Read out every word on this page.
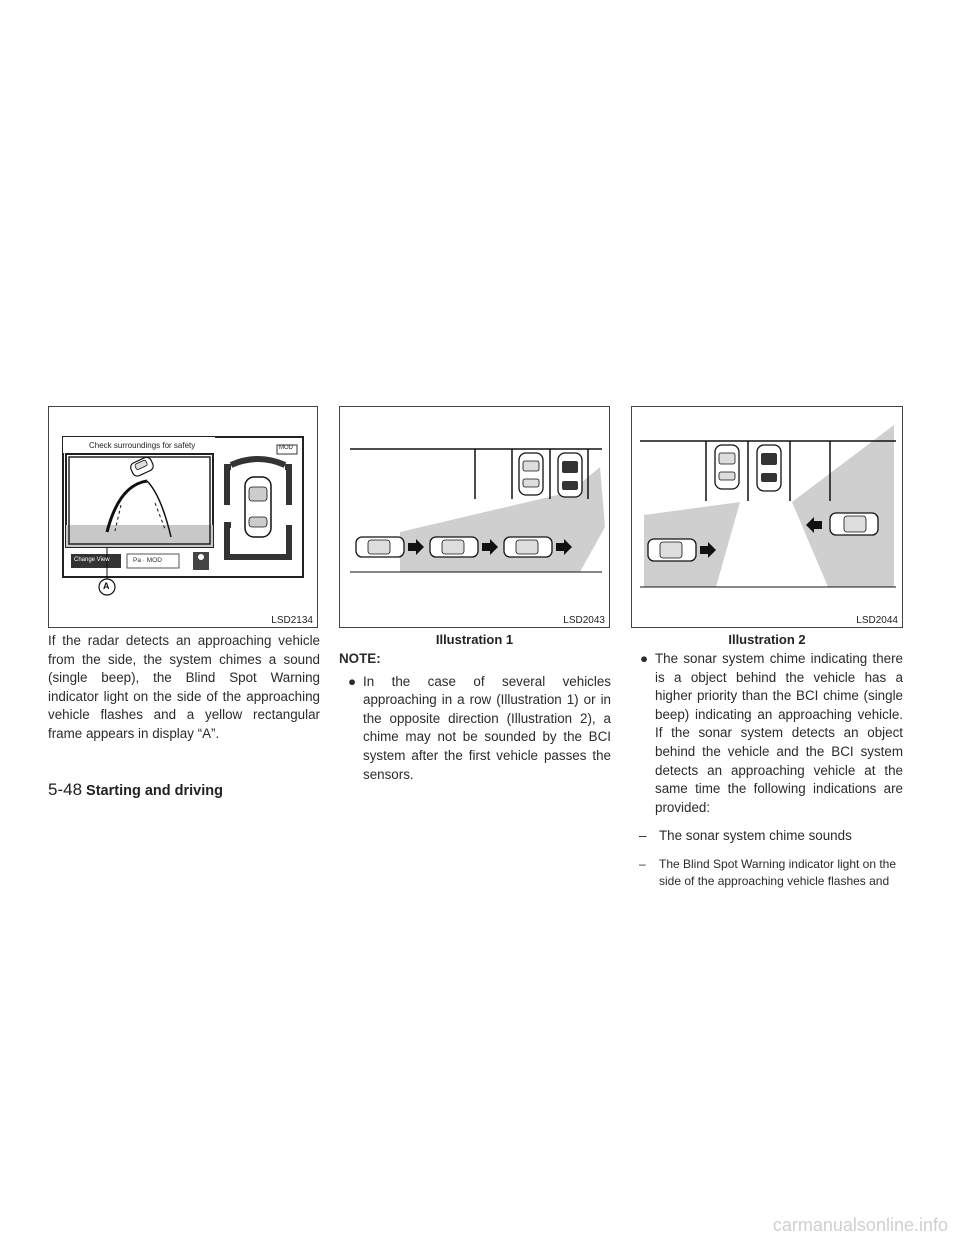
Check surroundings for safety	MOD
Change View	Pa · MOD
A
LSD2134	LSD2043	LSD2044
Illustration 1	Illustration 2
If the radar detects an approaching vehicle from the side, the system chimes a sound (single beep), the Blind Spot Warning indicator light on the side of the approaching vehicle flashes and a yellow rectangular frame appears in display “A”.
NOTE:
● In the case of several vehicles approaching in a row (Illustration 1) or in the opposite direction (Illustration 2), a chime may not be sounded by the BCI system after the first vehicle passes the sensors.
● The sonar system chime indicating there is a object behind the vehicle has a higher priority than the BCI chime (single beep) indicating an approaching vehicle. If the sonar system detects an object behind the vehicle and the BCI system detects an approaching vehicle at the same time the following indications are provided:
– The sonar system chime sounds
– The Blind Spot Warning indicator light on the side of the approaching vehicle flashes and
5-48 Starting and driving
carmanualsonline.info
